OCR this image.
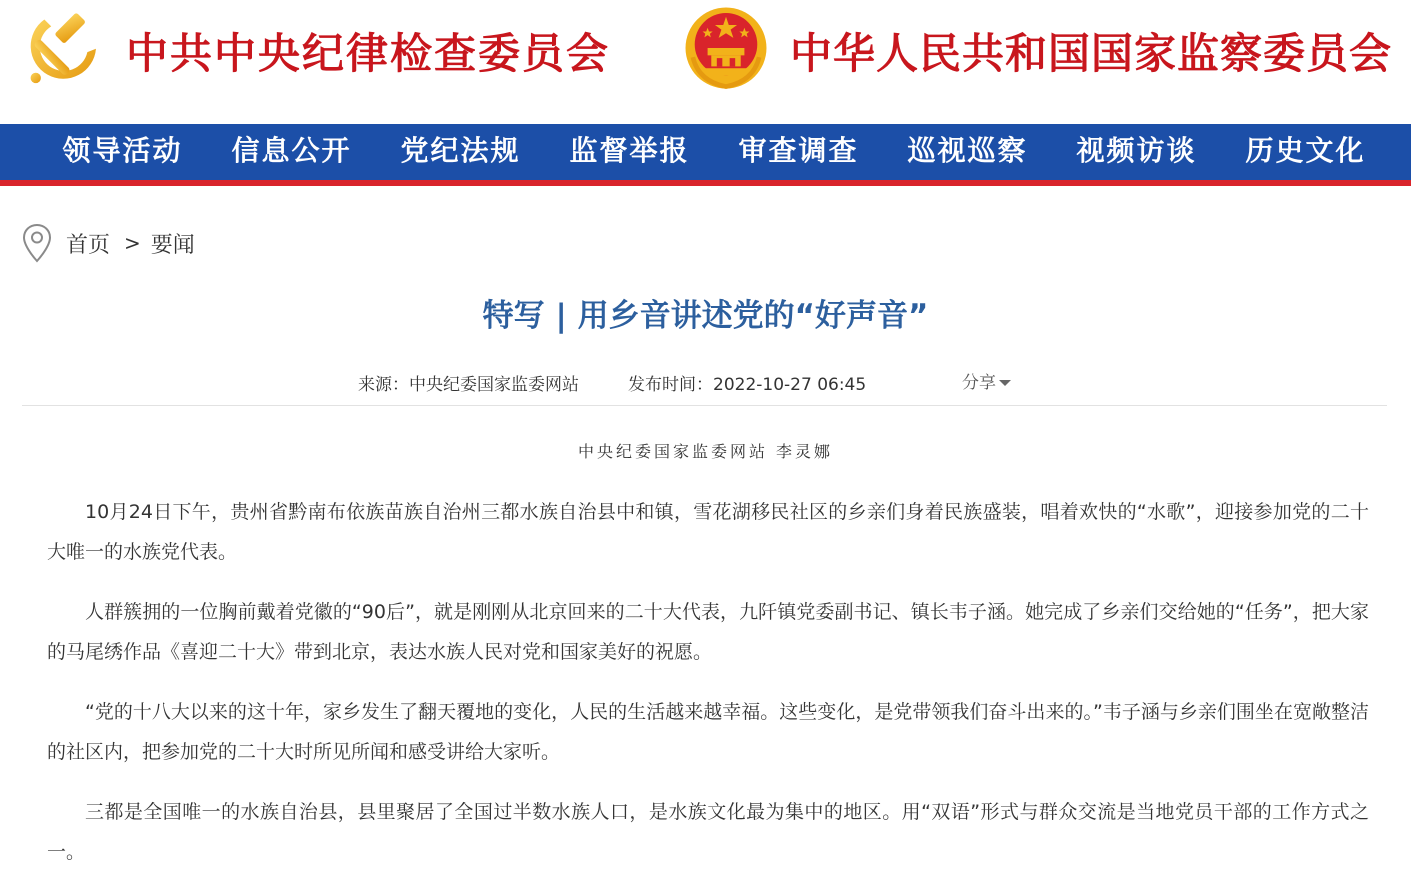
中共中央纪律检查委员会	中华人民共和国国家监察委员会
领导活动	信息公开	党纪法规	监督举报	审查调查	巡视巡察	视频访谈	历史文化
首页 > 要闻
特写 | 用乡音讲述党的“好声音”
来源：中央纪委国家监委网站	发布时间：2022-10-27 06:45	分享
中央纪委国家监委网站 李灵娜

10月24日下午，贵州省黔南布依族苗族自治州三都水族自治县中和镇，雪花湖移民社区的乡亲们身着民族盛装，唱着欢快的“水歌”，迎接参加党的二十大唯一的水族党代表。

人群簇拥的一位胸前戴着党徽的“90后”，就是刚刚从北京回来的二十大代表，九阡镇党委副书记、镇长韦子涵。她完成了乡亲们交给她的“任务”，把大家的马尾绣作品《喜迎二十大》带到北京，表达水族人民对党和国家美好的祝愿。

“党的十八大以来的这十年，家乡发生了翻天覆地的变化，人民的生活越来越幸福。这些变化，是党带领我们奋斗出来的。”韦子涵与乡亲们围坐在宽敞整洁的社区内，把参加党的二十大时所见所闻和感受讲给大家听。

三都是全国唯一的水族自治县，县里聚居了全国过半数水族人口，是水族文化最为集中的地区。用“双语”形式与群众交流是当地党员干部的工作方式之一。
